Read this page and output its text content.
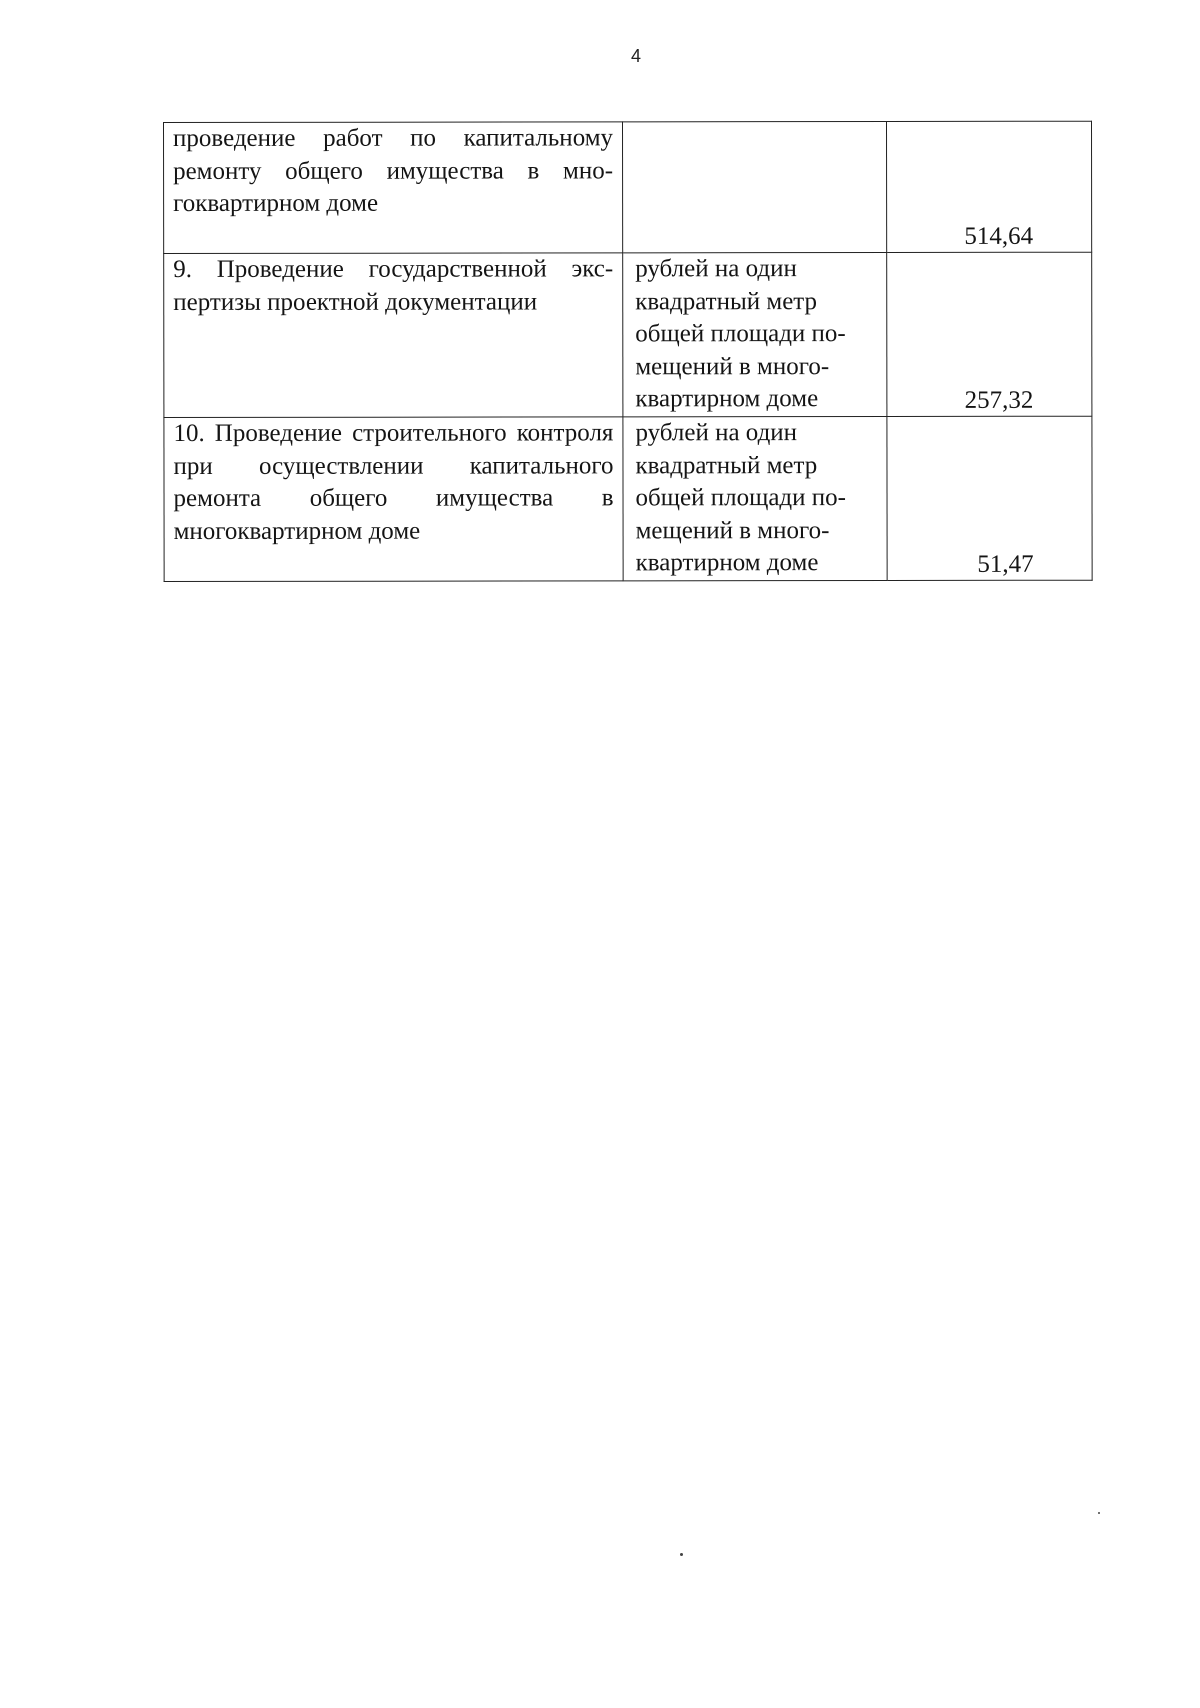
4
проведение работ по капитальному ремонту общего имущества в многоквартирном доме		514,64
9. Проведение государственной экспертизы проектной документации	рублей на один квадратный метр общей площади помещений в многоквартирном доме	257,32
10. Проведение строительного контроля при осуществлении капитального ремонта общего имущества в многоквартирном доме	рублей на один квадратный метр общей площади помещений в многоквартирном доме	51,47
